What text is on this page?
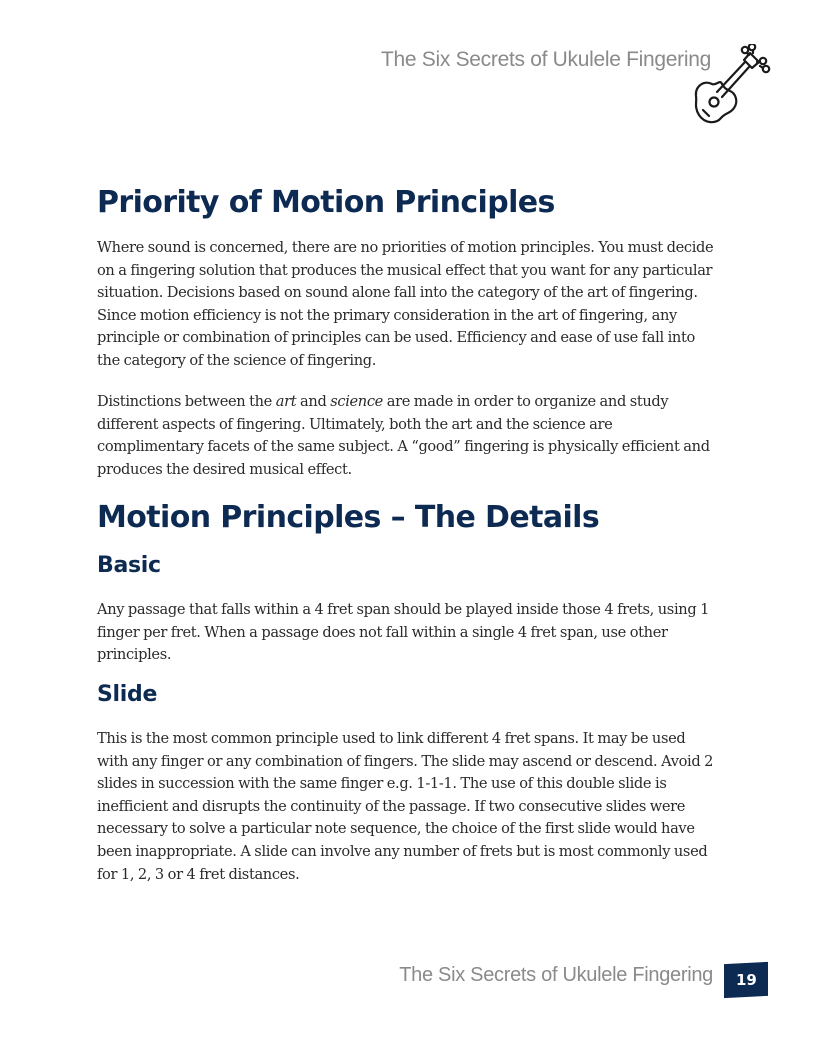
The Six Secrets of Ukulele Fingering
Priority of Motion Principles

Where sound is concerned, there are no priorities of motion principles. You must decide on a fingering solution that produces the musical effect that you want for any particular situation. Decisions based on sound alone fall into the category of the art of fingering. Since motion efficiency is not the primary consideration in the art of fingering, any principle or combination of principles can be used. Efficiency and ease of use fall into the category of the science of fingering.

Distinctions between the art and science are made in order to organize and study different aspects of fingering. Ultimately, both the art and the science are complimentary facets of the same subject. A “good” fingering is physically efficient and produces the desired musical effect.

Motion Principles – The Details
Basic

Any passage that falls within a 4 fret span should be played inside those 4 frets, using 1 finger per fret. When a passage does not fall within a single 4 fret span, use other principles.

Slide

This is the most common principle used to link different 4 fret spans. It may be used with any finger or any combination of fingers. The slide may ascend or descend. Avoid 2 slides in succession with the same finger e.g. 1-1-1. The use of this double slide is inefficient and disrupts the continuity of the passage. If two consecutive slides were necessary to solve a particular note sequence, the choice of the first slide would have been inappropriate. A slide can involve any number of frets but is most commonly used for 1, 2, 3 or 4 fret distances.

The Six Secrets of Ukulele Fingering 19
